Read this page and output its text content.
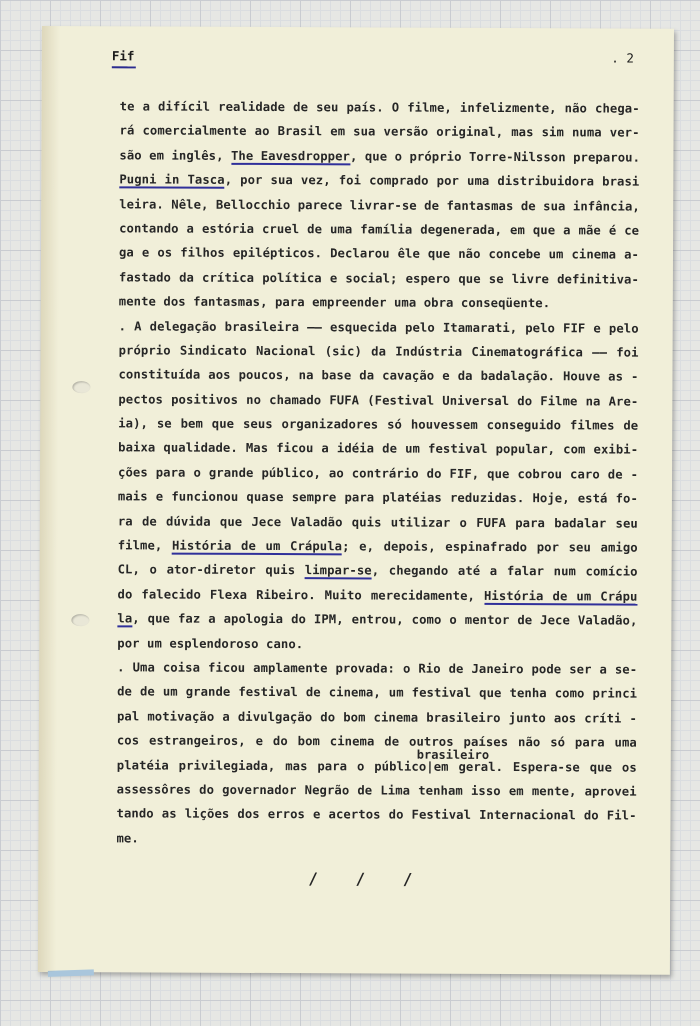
Fif	. 2
te a difícil realidade de seu país. O filme, infelizmente, não chega-
rá comercialmente ao Brasil em sua versão original, mas sim numa ver-
são em inglês, The Eavesdropper, que o próprio Torre-Nilsson preparou.
Pugni in Tasca, por sua vez, foi comprado por uma distribuidora brasi
leira. Nêle, Bellocchio parece livrar-se de fantasmas de sua infância,
contando a estória cruel de uma família degenerada, em que a mãe é ce
ga e os filhos epilépticos. Declarou êle que não concebe um cinema a-
fastado da crítica política e social; espero que se livre definitiva-
mente dos fantasmas, para empreender uma obra conseqüente.
. A delegação brasileira —— esquecida pelo Itamarati, pelo FIF e pelo
próprio Sindicato Nacional (sic) da Indústria Cinematográfica —— foi
constituída aos poucos, na base da cavação e da badalação. Houve as -
pectos positivos no chamado FUFA (Festival Universal do Filme na Are-
ia), se bem que seus organizadores só houvessem conseguido filmes de
baixa qualidade. Mas ficou a idéia de um festival popular, com exibi-
ções para o grande público, ao contrário do FIF, que cobrou caro de -
mais e funcionou quase sempre para platéias reduzidas. Hoje, está fo-
ra de dúvida que Jece Valadão quis utilizar o FUFA para badalar seu
filme, História de um Crápula; e, depois, espinafrado por seu amigo
CL, o ator-diretor quis limpar-se, chegando até a falar num comício
do falecido Flexa Ribeiro. Muito merecidamente, História de um Crápu
la, que faz a apologia do IPM, entrou, como o mentor de Jece Valadão,
por um esplendoroso cano.
. Uma coisa ficou amplamente provada: o Rio de Janeiro pode ser a se-
de de um grande festival de cinema, um festival que tenha como princi
pal motivação a divulgação do bom cinema brasileiro junto aos críti -
cos estrangeiros, e do bom cinema de outros países não só para uma
platéia privilegiada, mas para o público|em geral. Espera-se que os
assessôres do governador Negrão de Lima tenham isso em mente, aprovei
tando as lições dos erros e acertos do Festival Internacional do Fil-
me.
brasileiro
/ / /
